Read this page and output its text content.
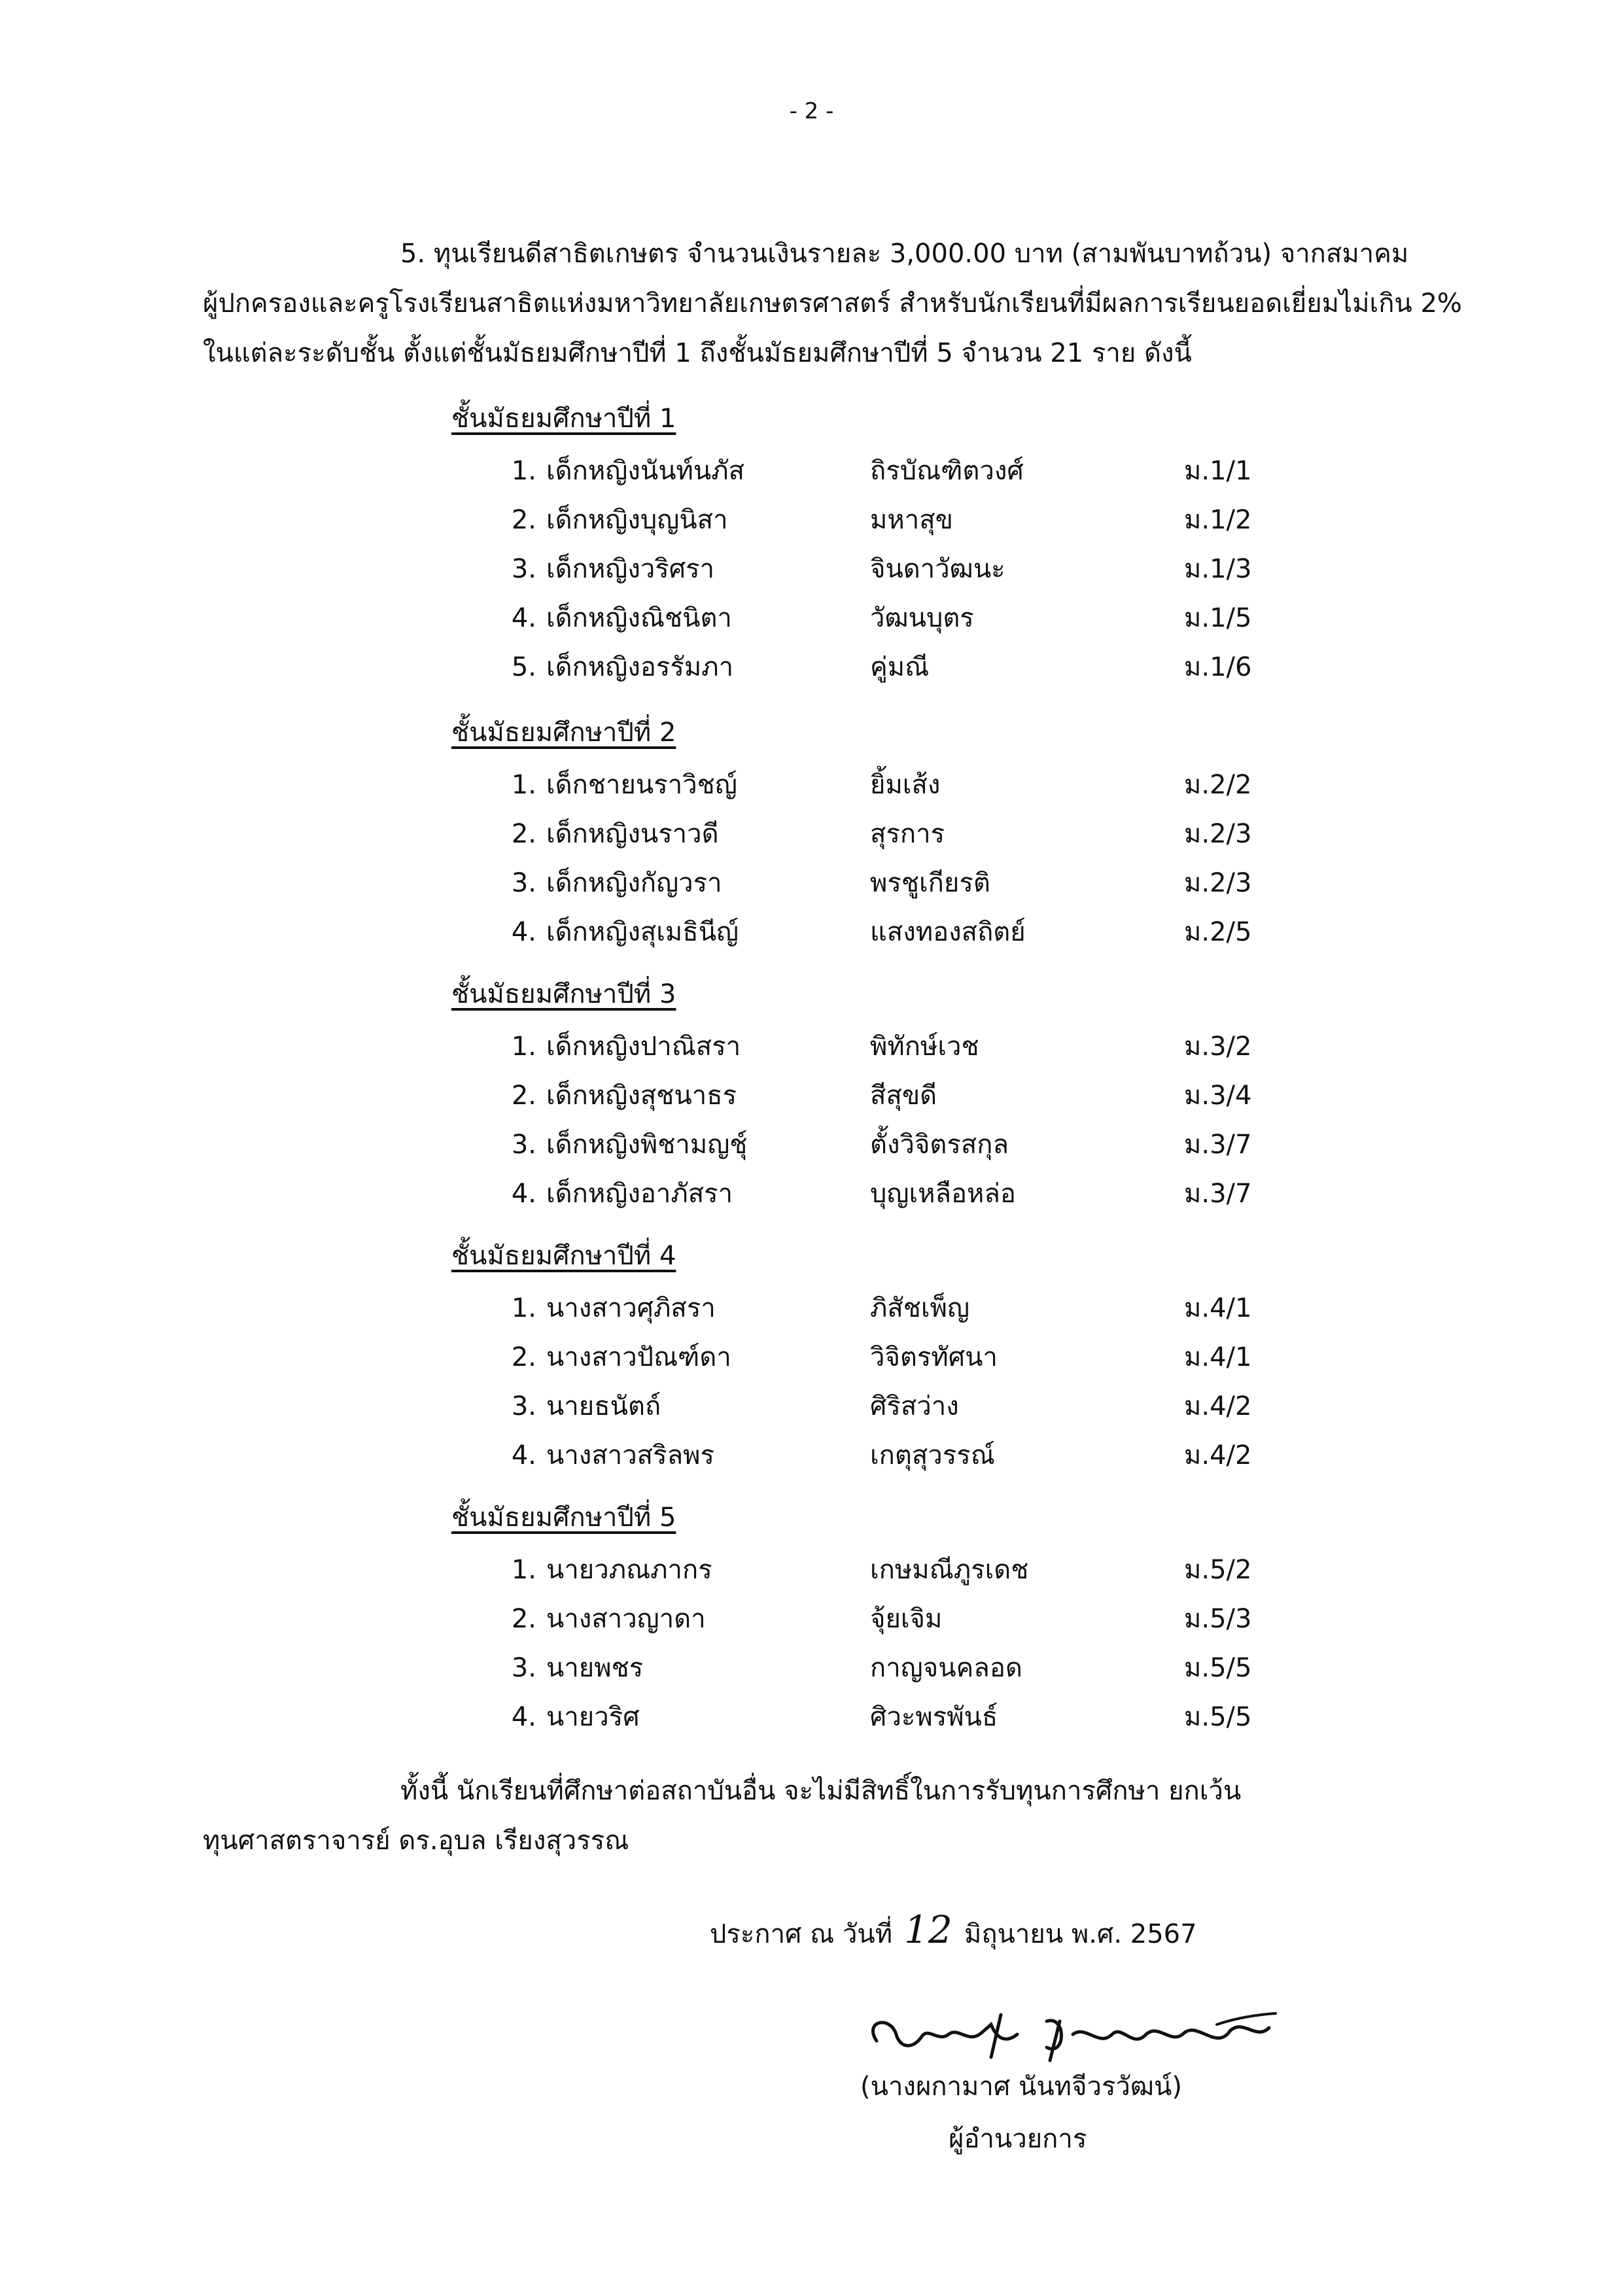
- 2 -
5. ทุนเรียนดีสาธิตเกษตร จำนวนเงินรายละ 3,000.00 บาท (สามพันบาทถ้วน) จากสมาคม
ผู้ปกครองและครูโรงเรียนสาธิตแห่งมหาวิทยาลัยเกษตรศาสตร์ สำหรับนักเรียนที่มีผลการเรียนยอดเยี่ยมไม่เกิน 2%
ในแต่ละระดับชั้น ตั้งแต่ชั้นมัธยมศึกษาปีที่ 1 ถึงชั้นมัธยมศึกษาปีที่ 5 จำนวน 21 ราย ดังนี้
ชั้นมัธยมศึกษาปีที่ 1
1. เด็กหญิงนันท์นภัส	ถิรบัณฑิตวงศ์	ม.1/1
2. เด็กหญิงบุญนิสา	มหาสุข	ม.1/2
3. เด็กหญิงวริศรา	จินดาวัฒนะ	ม.1/3
4. เด็กหญิงณิชนิตา	วัฒนบุตร	ม.1/5
5. เด็กหญิงอรรัมภา	คู่มณี	ม.1/6
ชั้นมัธยมศึกษาปีที่ 2
1. เด็กชายนราวิชญ์	ยิ้มเส้ง	ม.2/2
2. เด็กหญิงนราวดี	สุรการ	ม.2/3
3. เด็กหญิงกัญวรา	พรชูเกียรติ	ม.2/3
4. เด็กหญิงสุเมธินีญ์	แสงทองสถิตย์	ม.2/5
ชั้นมัธยมศึกษาปีที่ 3
1. เด็กหญิงปาณิสรา	พิทักษ์เวช	ม.3/2
2. เด็กหญิงสุชนาธร	สีสุขดี	ม.3/4
3. เด็กหญิงพิชามญชุ์	ตั้งวิจิตรสกุล	ม.3/7
4. เด็กหญิงอาภัสรา	บุญเหลือหล่อ	ม.3/7
ชั้นมัธยมศึกษาปีที่ 4
1. นางสาวศุภิสรา	ภิสัชเพ็ญ	ม.4/1
2. นางสาวปัณฑ์ดา	วิจิตรทัศนา	ม.4/1
3. นายธนัตถ์	ศิริสว่าง	ม.4/2
4. นางสาวสริลพร	เกตุสุวรรณ์	ม.4/2
ชั้นมัธยมศึกษาปีที่ 5
1. นายวภณภากร	เกษมณีภูรเดช	ม.5/2
2. นางสาวญาดา	จุ้ยเจิม	ม.5/3
3. นายพชร	กาญจนคลอด	ม.5/5
4. นายวริศ	ศิวะพรพันธ์	ม.5/5
ทั้งนี้ นักเรียนที่ศึกษาต่อสถาบันอื่น จะไม่มีสิทธิ์ในการรับทุนการศึกษา ยกเว้น
ทุนศาสตราจารย์ ดร.อุบล เรียงสุวรรณ
ประกาศ ณ วันที่ 12 มิถุนายน พ.ศ. 2567
(นางผกามาศ นันทจีวรวัฒน์)
ผู้อำนวยการ
